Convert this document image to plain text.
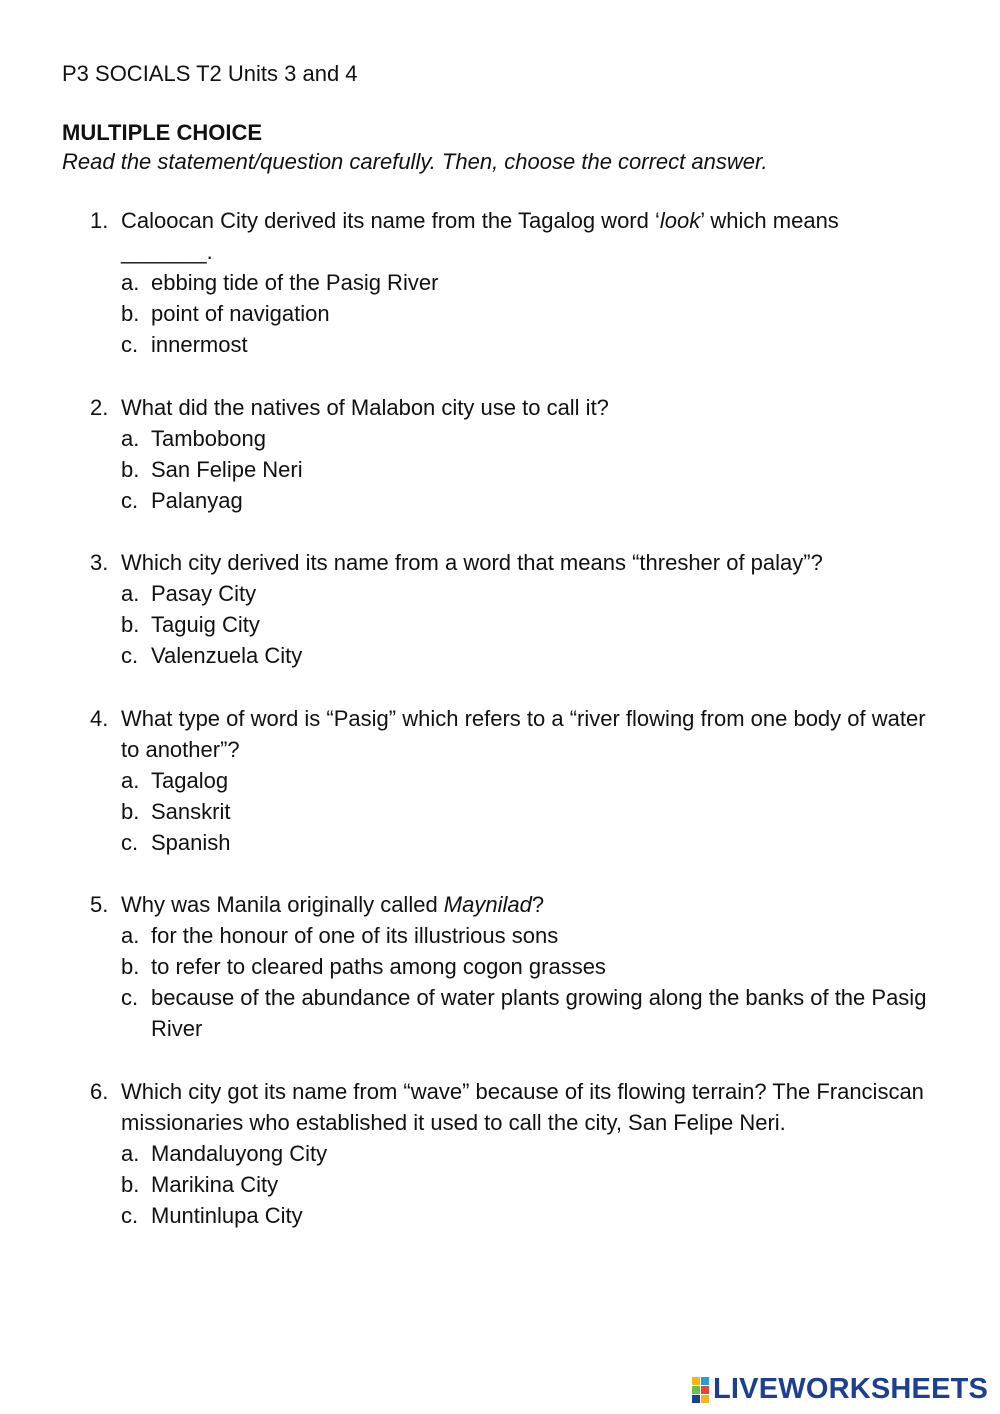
P3 SOCIALS T2 Units 3 and 4
MULTIPLE CHOICE
Read the statement/question carefully. Then, choose the correct answer.
1. Caloocan City derived its name from the Tagalog word ‘look’ which means
_______.
a. ebbing tide of the Pasig River
b. point of navigation
c. innermost
2. What did the natives of Malabon city use to call it?
a. Tambobong
b. San Felipe Neri
c. Palanyag
3. Which city derived its name from a word that means “thresher of palay”?
a. Pasay City
b. Taguig City
c. Valenzuela City
4. What type of word is “Pasig” which refers to a “river flowing from one body of water to another”?
a. Tagalog
b. Sanskrit
c. Spanish
5. Why was Manila originally called Maynilad?
a. for the honour of one of its illustrious sons
b. to refer to cleared paths among cogon grasses
c. because of the abundance of water plants growing along the banks of the Pasig River
6. Which city got its name from “wave” because of its flowing terrain? The Franciscan missionaries who established it used to call the city, San Felipe Neri.
a. Mandaluyong City
b. Marikina City
c. Muntinlupa City
LIVEWORKSHEETS
